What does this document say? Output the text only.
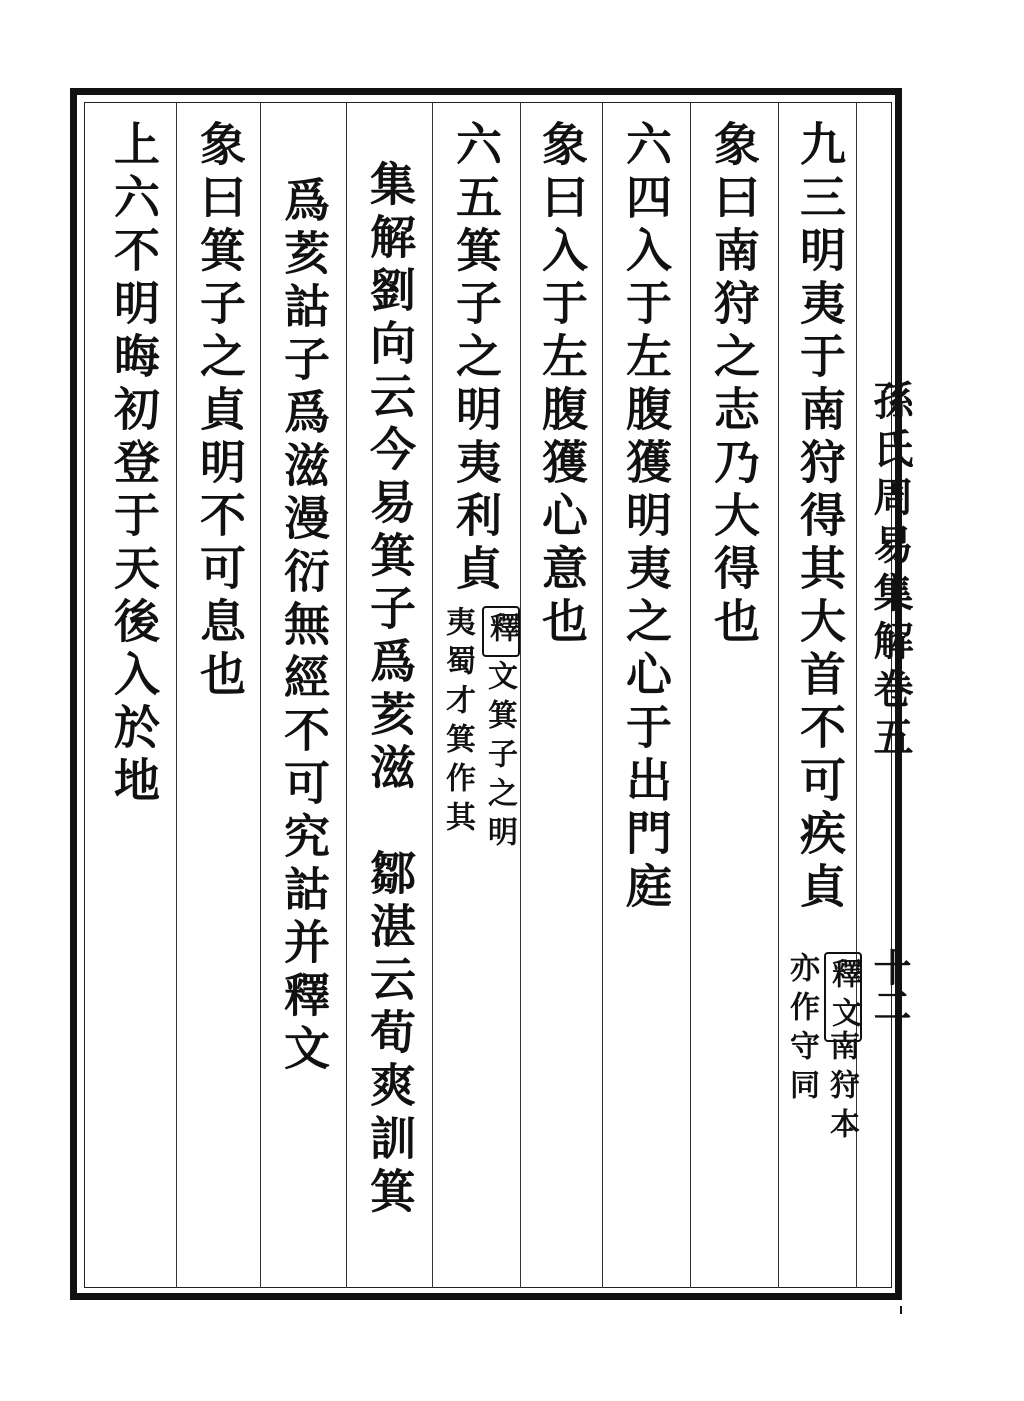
孫氏周易集解卷五
十二
九三明夷于南狩得其大首不可疾貞
釋文
南狩本
亦作守同
象曰南狩之志乃大得也
六四入于左腹獲明夷之心于出門庭
象曰入于左腹獲心意也
六五箕子之明夷利貞
釋
文箕子之明
夷蜀才箕作其
集解劉向云今易箕子爲荄滋　鄒湛云荀爽訓箕
爲荄詁子爲滋漫衍無經不可究詁并釋文
象曰箕子之貞明不可息也
上六不明晦初登于天後入於地
